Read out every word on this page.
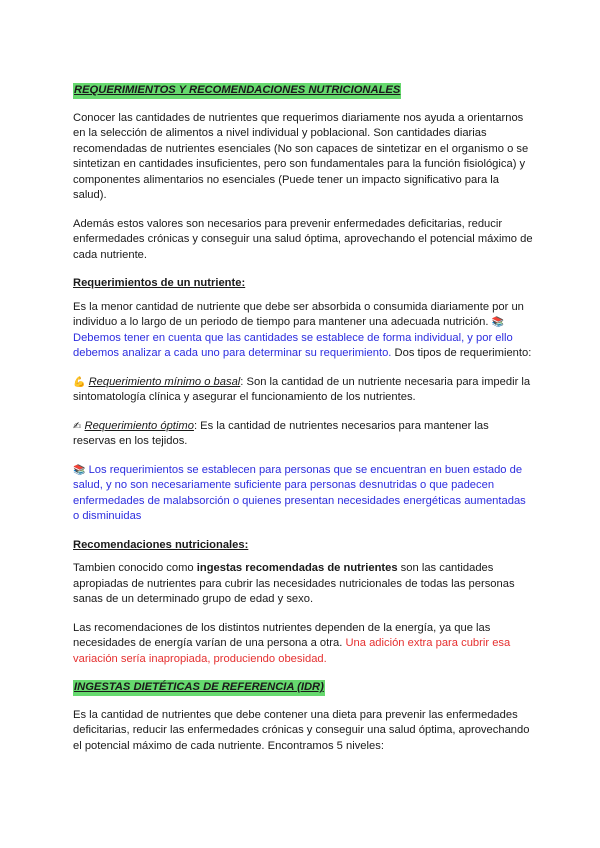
REQUERIMIENTOS Y RECOMENDACIONES NUTRICIONALES

Conocer las cantidades de nutrientes que requerimos diariamente nos ayuda a orientarnos en la selección de alimentos a nivel individual y poblacional. Son cantidades diarias recomendadas de nutrientes esenciales (No son capaces de sintetizar en el organismo o se sintetizan en cantidades insuficientes, pero son fundamentales para la función fisiológica) y componentes alimentarios no esenciales (Puede tener un impacto significativo para la salud).

Además estos valores son necesarios para prevenir enfermedades deficitarias, reducir enfermedades crónicas y conseguir una salud óptima, aprovechando el potencial máximo de cada nutriente.

Requerimientos de un nutriente:

Es la menor cantidad de nutriente que debe ser absorbida o consumida diariamente por un individuo a lo largo de un periodo de tiempo para mantener una adecuada nutrición. 📚 Debemos tener en cuenta que las cantidades se establece de forma individual, y por ello debemos analizar a cada uno para determinar su requerimiento. Dos tipos de requerimiento:

💪 Requerimiento mínimo o basal: Son la cantidad de un nutriente necesaria para impedir la sintomatología clínica y asegurar el funcionamiento de los nutrientes.

✍ Requerimiento óptimo: Es la cantidad de nutrientes necesarios para mantener las reservas en los tejidos.

📚 Los requerimientos se establecen para personas que se encuentran en buen estado de salud, y no son necesariamente suficiente para personas desnutridas o que padecen enfermedades de malabsorción o quienes presentan necesidades energéticas aumentadas o disminuidas

Recomendaciones nutricionales:

Tambien conocido como ingestas recomendadas de nutrientes son las cantidades apropiadas de nutrientes para cubrir las necesidades nutricionales de todas las personas sanas de un determinado grupo de edad y sexo.

Las recomendaciones de los distintos nutrientes dependen de la energía, ya que las necesidades de energía varían de una persona a otra. Una adición extra para cubrir esa variación sería inapropiada, produciendo obesidad.

INGESTAS DIETÉTICAS DE REFERENCIA (IDR)

Es la cantidad de nutrientes que debe contener una dieta para prevenir las enfermedades deficitarias, reducir las enfermedades crónicas y conseguir una salud óptima, aprovechando el potencial máximo de cada nutriente. Encontramos 5 niveles:
